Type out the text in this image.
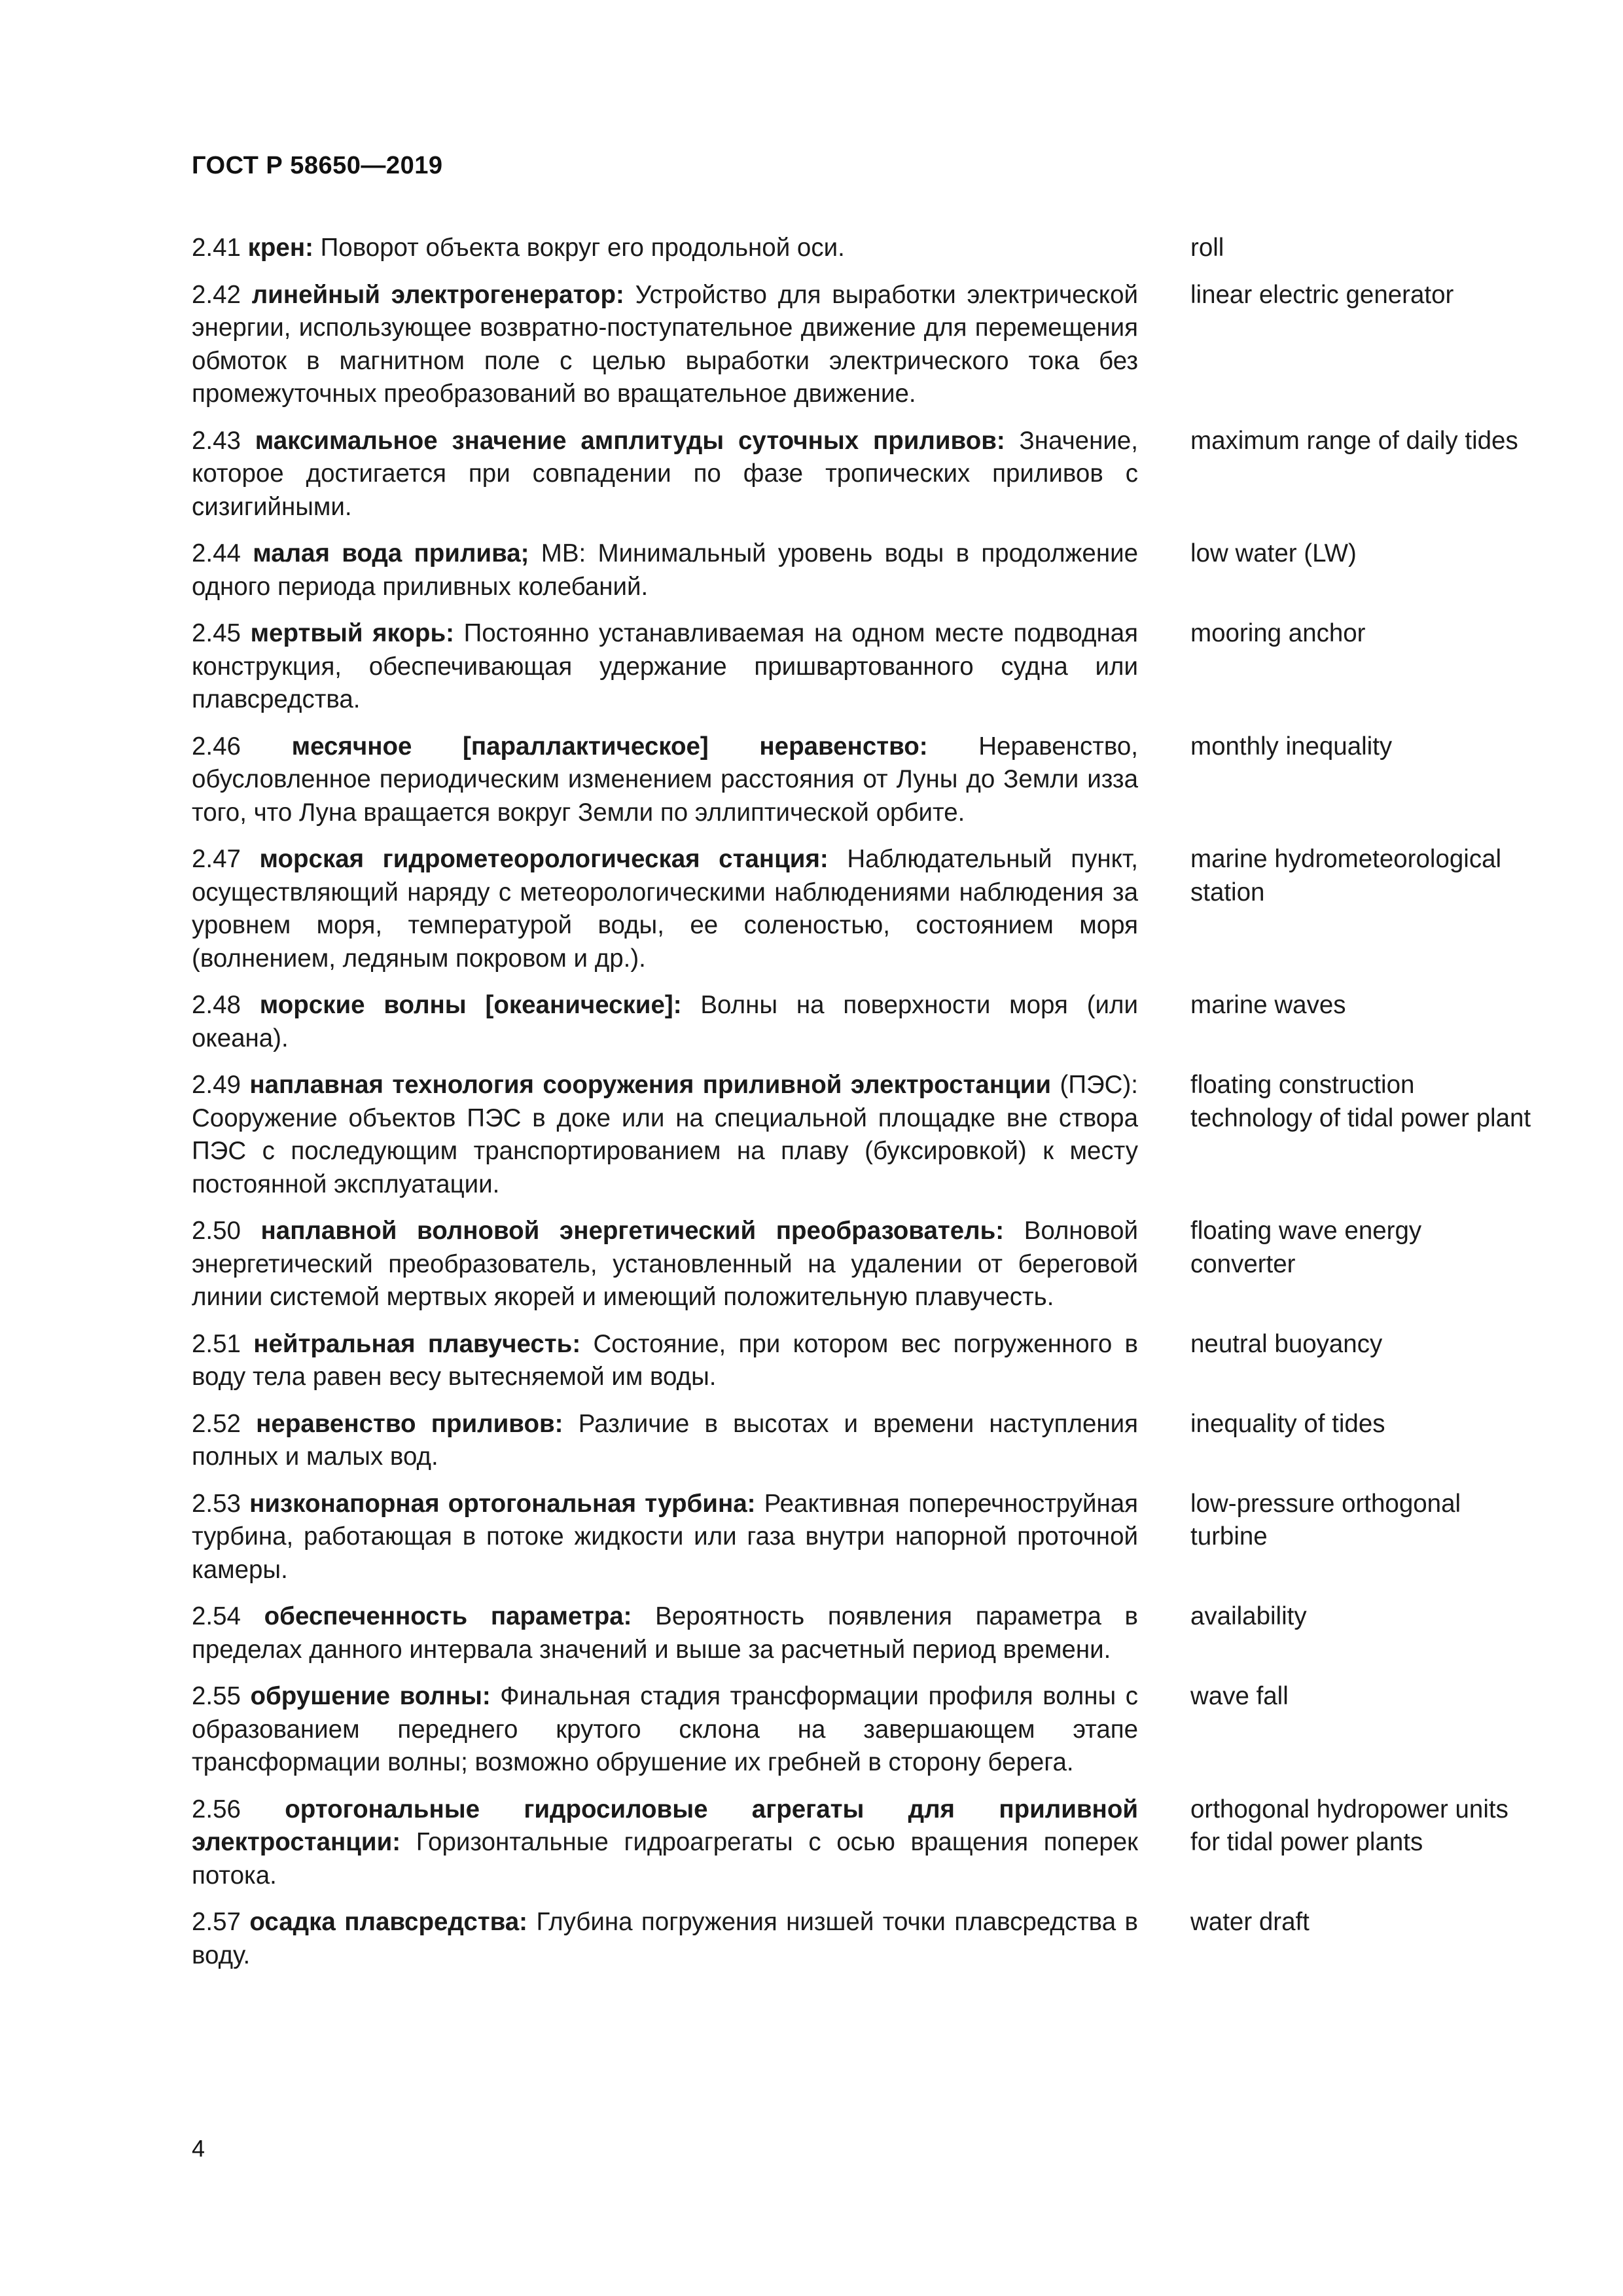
ГОСТ Р 58650—2019
2.41 крен: Поворот объекта вокруг его продольной оси.	roll
2.42 линейный электрогенератор: Устройство для выработки электрической энергии, использующее возвратно-поступательное движение для перемещения обмоток в магнитном поле с целью выработки электрического тока без промежуточных преобразований во вращательное движение.
linear electric generator
2.43 максимальное значение амплитуды суточных приливов: Значение, которое достигается при совпадении по фазе тропических приливов с сизигийными.
maximum range of daily tides
2.44 малая вода прилива; МВ: Минимальный уровень воды в продолжение одного периода приливных колебаний.
low water (LW)
2.45 мертвый якорь: Постоянно устанавливаемая на одном месте подводная конструкция, обеспечивающая удержание пришвартованного судна или плавсредства.
mooring anchor
2.46 месячное [параллактическое] неравенство: Неравенство, обусловленное периодическим изменением расстояния от Луны до Земли изза того, что Луна вращается вокруг Земли по эллиптической орбите.
monthly inequality
2.47 морская гидрометеорологическая станция: Наблюдательный пункт, осуществляющий наряду с метеорологическими наблюдениями наблюдения за уровнем моря, температурой воды, ее соленостью, состоянием моря (волнением, ледяным покровом и др.).
marine hydrometeorological station
2.48 морские волны [океанические]: Волны на поверхности моря (или океана).
marine waves
2.49 наплавная технология сооружения приливной электростанции (ПЭС): Сооружение объектов ПЭС в доке или на специальной площадке вне створа ПЭС с последующим транспортированием на плаву (буксировкой) к месту постоянной эксплуатации.
floating construction technology of tidal power plant
2.50 наплавной волновой энергетический преобразователь: Волновой энергетический преобразователь, установленный на удалении от береговой линии системой мертвых якорей и имеющий положительную плавучесть.
floating wave energy converter
2.51 нейтральная плавучесть: Состояние, при котором вес погруженного в воду тела равен весу вытесняемой им воды.
neutral buoyancy
2.52 неравенство приливов: Различие в высотах и времени наступления полных и малых вод.
inequality of tides
2.53 низконапорная ортогональная турбина: Реактивная поперечноструйная турбина, работающая в потоке жидкости или газа внутри напорной проточной камеры.
low-pressure orthogonal turbine
2.54 обеспеченность параметра: Вероятность появления параметра в пределах данного интервала значений и выше за расчетный период времени.
availability
2.55 обрушение волны: Финальная стадия трансформации профиля волны с образованием переднего крутого склона на завершающем этапе трансформации волны; возможно обрушение их гребней в сторону берега.
wave fall
2.56 ортогональные гидросиловые агрегаты для приливной электростанции: Горизонтальные гидроагрегаты с осью вращения поперек потока.
orthogonal hydropower units for tidal power plants
2.57 осадка плавсредства: Глубина погружения низшей точки плавсредства в воду.
water draft
4
